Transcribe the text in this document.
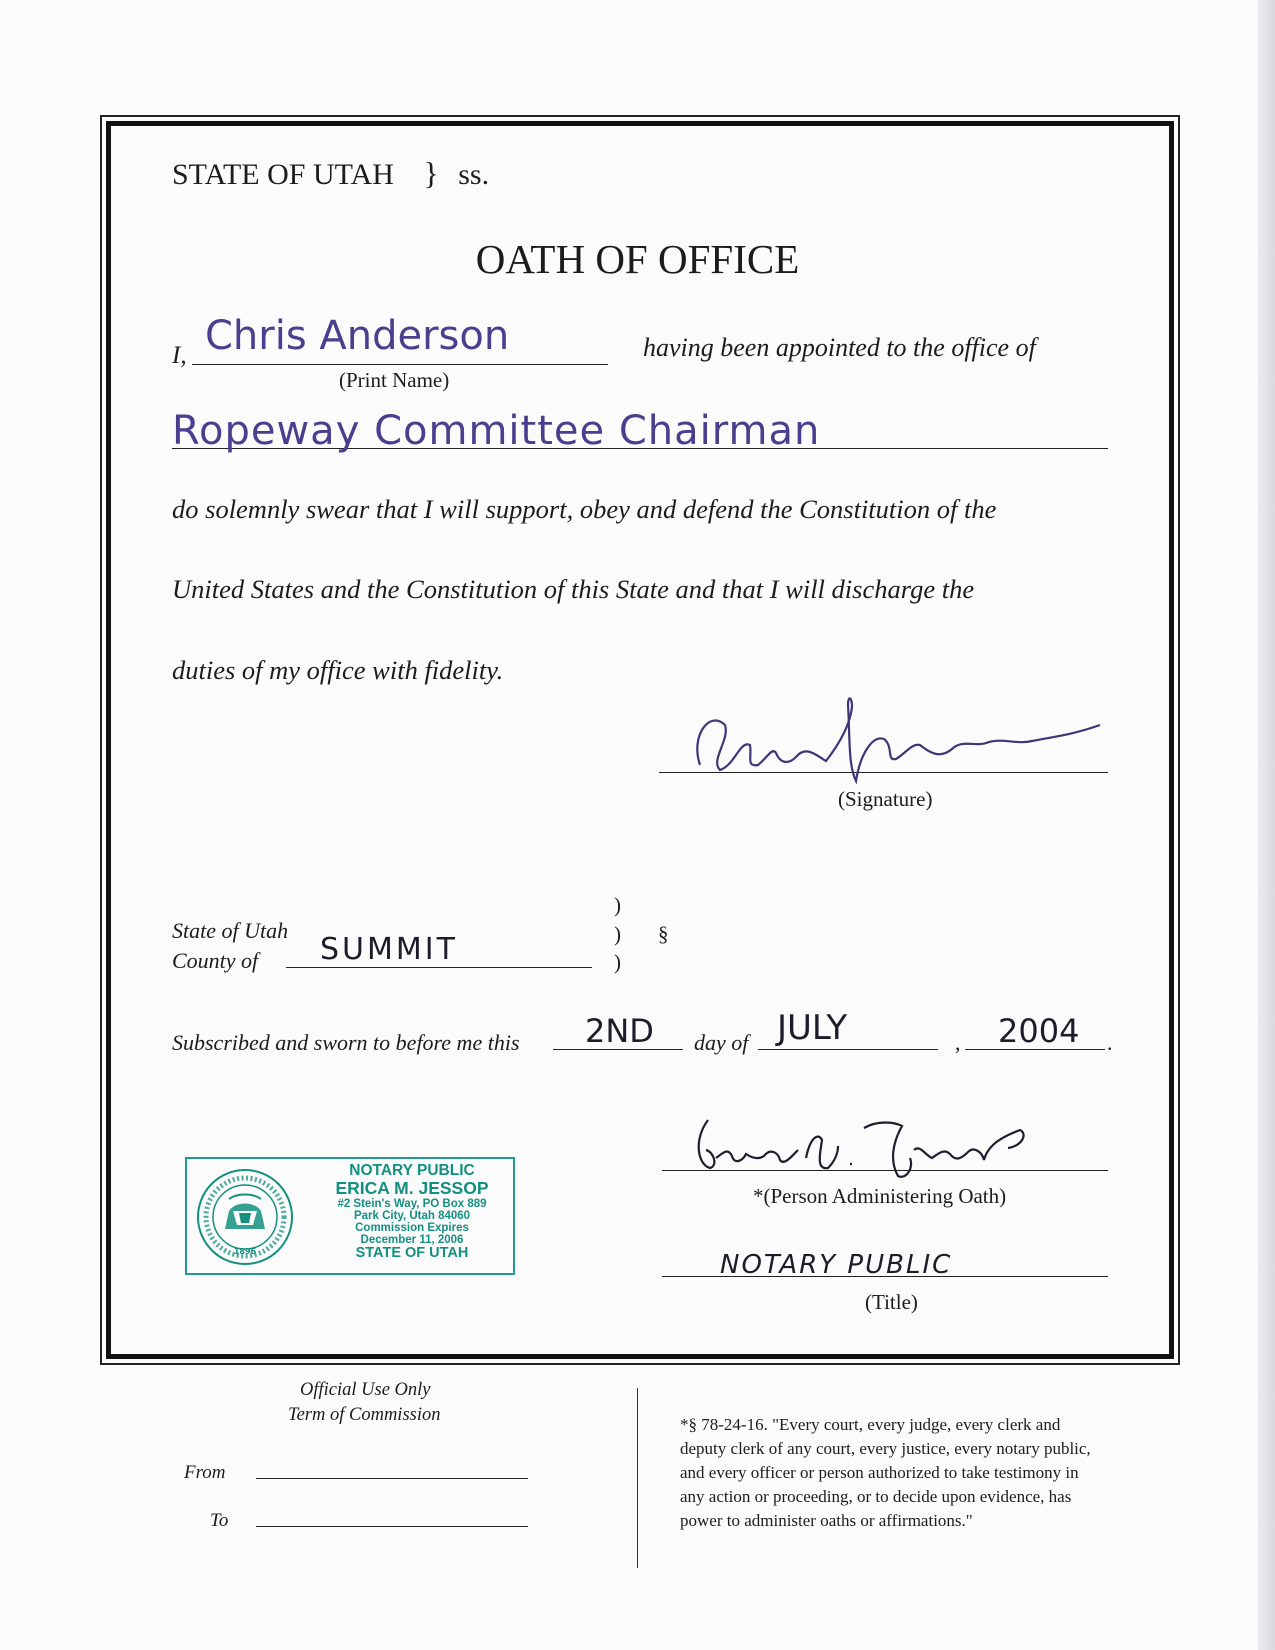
STATE OF UTAH } ss.
OATH OF OFFICE
I, Chris Anderson
(Print Name)
having been appointed to the office of
Ropeway Committee Chairman
do solemnly swear that I will support, obey and defend the Constitution of the
United States and the Constitution of this State and that I will discharge the
duties of my office with fidelity.
(Signature)
State of Utah
County of SUMMIT
)
)
)
§
Subscribed and sworn to before me this 2ND day of JULY	, 2004 .
*(Person Administering Oath)
NOTARY PUBLIC
(Title)
1896
NOTARY PUBLIC
ERICA M. JESSOP
#2 Stein's Way, PO Box 889
Park City, Utah 84060
Commission Expires
December 11, 2006
STATE OF UTAH
Official Use Only
Term of Commission
From
To
*§ 78-24-16. "Every court, every judge, every clerk and
deputy clerk of any court, every justice, every notary public,
and every officer or person authorized to take testimony in
any action or proceeding, or to decide upon evidence, has
power to administer oaths or affirmations."
